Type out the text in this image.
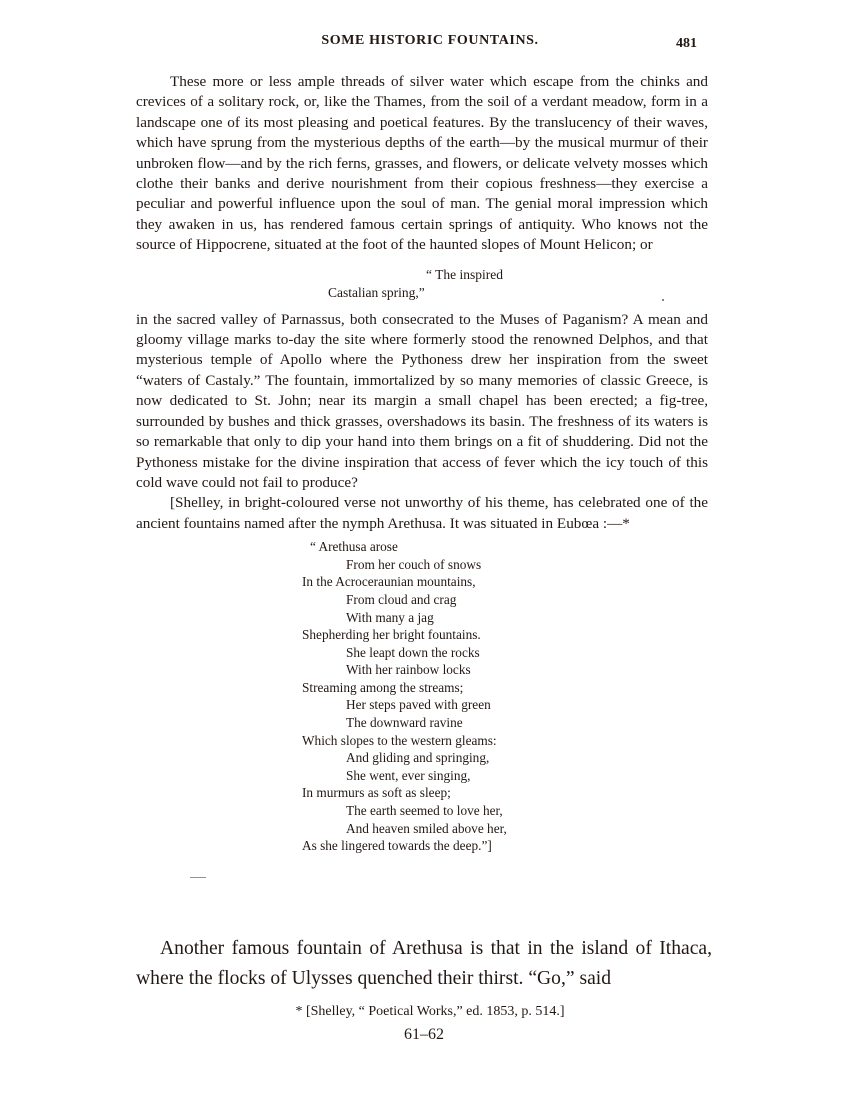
SOME HISTORIC FOUNTAINS.	481

These more or less ample threads of silver water which escape from the chinks and crevices of a solitary rock, or, like the Thames, from the soil of a verdant meadow, form in a landscape one of its most pleasing and poetical features. By the translucency of their waves, which have sprung from the mysterious depths of the earth—by the musical murmur of their unbroken flow—and by the rich ferns, grasses, and flowers, or delicate velvety mosses which clothe their banks and derive nourishment from their copious freshness—they exercise a peculiar and powerful influence upon the soul of man. The genial moral impression which they awaken in us, has rendered famous certain springs of antiquity. Who knows not the source of Hippocrene, situated at the foot of the haunted slopes of Mount Helicon; or

“ The inspired
Castalian spring,”

in the sacred valley of Parnassus, both consecrated to the Muses of Paganism? A mean and gloomy village marks to-day the site where formerly stood the renowned Delphos, and that mysterious temple of Apollo where the Pythoness drew her inspiration from the sweet “waters of Castaly.” The fountain, immortalized by so many memories of classic Greece, is now dedicated to St. John; near its margin a small chapel has been erected; a fig-tree, surrounded by bushes and thick grasses, overshadows its basin. The freshness of its waters is so remarkable that only to dip your hand into them brings on a fit of shuddering. Did not the Pythoness mistake for the divine inspiration that access of fever which the icy touch of this cold wave could not fail to produce?

[Shelley, in bright-coloured verse not unworthy of his theme, has celebrated one of the ancient fountains named after the nymph Arethusa. It was situated in Eubœa :—*

“ Arethusa arose
From her couch of snows
In the Acroceraunian mountains,
From cloud and crag
With many a jag
Shepherding her bright fountains.
She leapt down the rocks
With her rainbow locks
Streaming among the streams;
Her steps paved with green
The downward ravine
Which slopes to the western gleams:
And gliding and springing,
She went, ever singing,
In murmurs as soft as sleep;
The earth seemed to love her,
And heaven smiled above her,
As she lingered towards the deep.”]

Another famous fountain of Arethusa is that in the island of Ithaca, where the flocks of Ulysses quenched their thirst. “Go,” said

* [Shelley, “ Poetical Works,” ed. 1853, p. 514.]
61–62
